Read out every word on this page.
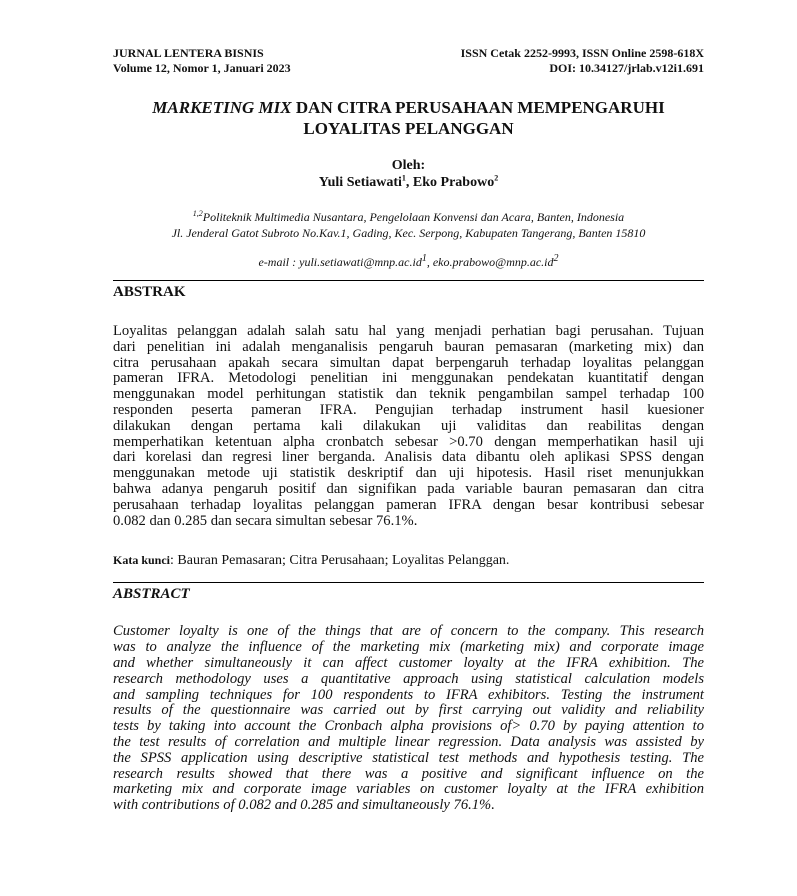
JURNAL LENTERA BISNIS	ISSN Cetak 2252-9993, ISSN Online 2598-618X
Volume 12, Nomor 1, Januari 2023	DOI: 10.34127/jrlab.v12i1.691
MARKETING MIX DAN CITRA PERUSAHAAN MEMPENGARUHI
LOYALITAS PELANGGAN
Oleh:
Yuli Setiawati$^1$, Eko Prabowo$^2$
$^{1,2}$Politeknik Multimedia Nusantara, Pengelolaan Konvensi dan Acara, Banten, Indonesia
Jl. Jenderal Gatot Subroto No.Kav.1, Gading, Kec. Serpong, Kabupaten Tangerang, Banten 15810
e-mail : $yuli.setiawati@mnp.ac.id^1$, $eko.prabowo@mnp.ac.id^2$
ABSTRAK
Loyalitas pelanggan adalah salah satu hal yang menjadi perhatian bagi perusahan. Tujuan
dari penelitian ini adalah menganalisis pengaruh bauran pemasaran (marketing mix) dan
citra perusahaan apakah secara simultan dapat berpengaruh terhadap loyalitas pelanggan
pameran IFRA. Metodologi penelitian ini menggunakan pendekatan kuantitatif dengan
menggunakan model perhitungan statistik dan teknik pengambilan sampel terhadap 100
responden peserta pameran IFRA. Pengujian terhadap instrument hasil kuesioner
dilakukan dengan pertama kali dilakukan uji validitas dan reabilitas dengan
memperhatikan ketentuan alpha cronbatch sebesar >0.70 dengan memperhatikan hasil uji
dari korelasi dan regresi liner berganda. Analisis data dibantu oleh aplikasi SPSS dengan
menggunakan metode uji statistik deskriptif dan uji hipotesis. Hasil riset menunjukkan
bahwa adanya pengaruh positif dan signifikan pada variable bauran pemasaran dan citra
perusahaan terhadap loyalitas pelanggan pameran IFRA dengan besar kontribusi sebesar
0.082 dan 0.285 dan secara simultan sebesar 76.1%.
Kata kunci: Bauran Pemasaran; Citra Perusahaan; Loyalitas Pelanggan.
ABSTRACT
Customer loyalty is one of the things that are of concern to the company. This research
was to analyze the influence of the marketing mix (marketing mix) and corporate image
and whether simultaneously it can affect customer loyalty at the IFRA exhibition. The
research methodology uses a quantitative approach using statistical calculation models
and sampling techniques for 100 respondents to IFRA exhibitors. Testing the instrument
results of the questionnaire was carried out by first carrying out validity and reliability
tests by taking into account the Cronbach alpha provisions of> 0.70 by paying attention to
the test results of correlation and multiple linear regression. Data analysis was assisted by
the SPSS application using descriptive statistical test methods and hypothesis testing. The
research results showed that there was a positive and significant influence on the
marketing mix and corporate image variables on customer loyalty at the IFRA exhibition
with contributions of 0.082 and 0.285 and simultaneously 76.1%.
